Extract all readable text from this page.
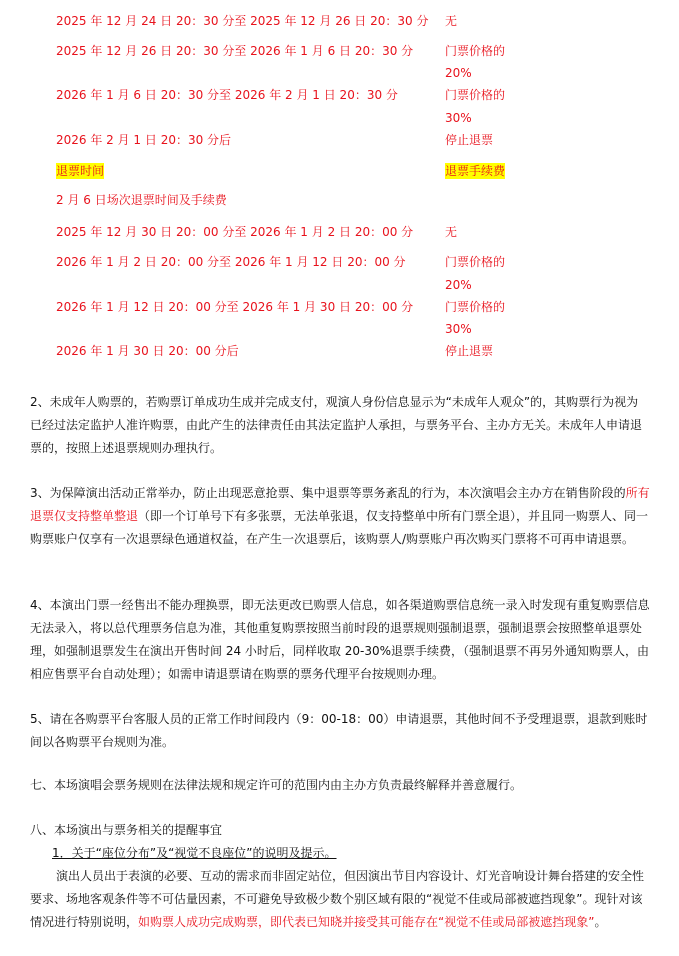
2025 年 12 月 24 日 20：30 分至 2025 年 12 月 26 日 20：30 分 无
2025 年 12 月 26 日 20：30 分至 2026 年 1 月 6 日 20：30 分	门票价格的
20%
2026 年 1 月 6 日 20：30 分至 2026 年 2 月 1 日 20：30 分	门票价格的
30%
2026 年 2 月 1 日 20：30 分后	停止退票
退票时间	退票手续费
2 月 6 日场次退票时间及手续费
2025 年 12 月 30 日 20：00 分至 2026 年 1 月 2 日 20：00 分	无
2026 年 1 月 2 日 20：00 分至 2026 年 1 月 12 日 20：00 分	门票价格的
20%
2026 年 1 月 12 日 20：00 分至 2026 年 1 月 30 日 20：00 分	门票价格的
30%
2026 年 1 月 30 日 20：00 分后	停止退票
2、未成年人购票的，若购票订单成功生成并完成支付，观演人身份信息显示为“未成年人观众”的，其购票行为视为已经过法定监护人准许购票，由此产生的法律责任由其法定监护人承担，与票务平台、主办方无关。未成年人申请退票的，按照上述退票规则办理执行。
3、为保障演出活动正常举办，防止出现恶意抢票、集中退票等票务紊乱的行为，本次演唱会主办方在销售阶段的所有退票仅支持整单整退（即一个订单号下有多张票，无法单张退，仅支持整单中所有门票全退），并且同一购票人、同一购票账户仅享有一次退票绿色通道权益，在产生一次退票后，该购票人/购票账户再次购买门票将不可再申请退票。
4、本演出门票一经售出不能办理换票，即无法更改已购票人信息，如各渠道购票信息统一录入时发现有重复购票信息无法录入，将以总代理票务信息为准，其他重复购票按照当前时段的退票规则强制退票，强制退票会按照整单退票处理，如强制退票发生在演出开售时间 24 小时后，同样收取 20-30%退票手续费，（强制退票不再另外通知购票人，由相应售票平台自动处理）；如需申请退票请在购票的票务代理平台按规则办理。
5、请在各购票平台客服人员的正常工作时间段内（9：00-18：00）申请退票，其他时间不予受理退票，退款到账时间以各购票平台规则为准。
七、本场演唱会票务规则在法律法规和规定许可的范围内由主办方负责最终解释并善意履行。
八、本场演出与票务相关的提醒事宜
1．关于“座位分布”及“视觉不良座位”的说明及提示。
演出人员出于表演的必要、互动的需求而非固定站位，但因演出节目内容设计、灯光音响设计舞台搭建的安全性要求、场地客观条件等不可估量因素，不可避免导致极少数个别区域有限的“视觉不佳或局部被遮挡现象”。现针对该情况进行特别说明，如购票人成功完成购票，即代表已知晓并接受其可能存在“视觉不佳或局部被遮挡现象”。
